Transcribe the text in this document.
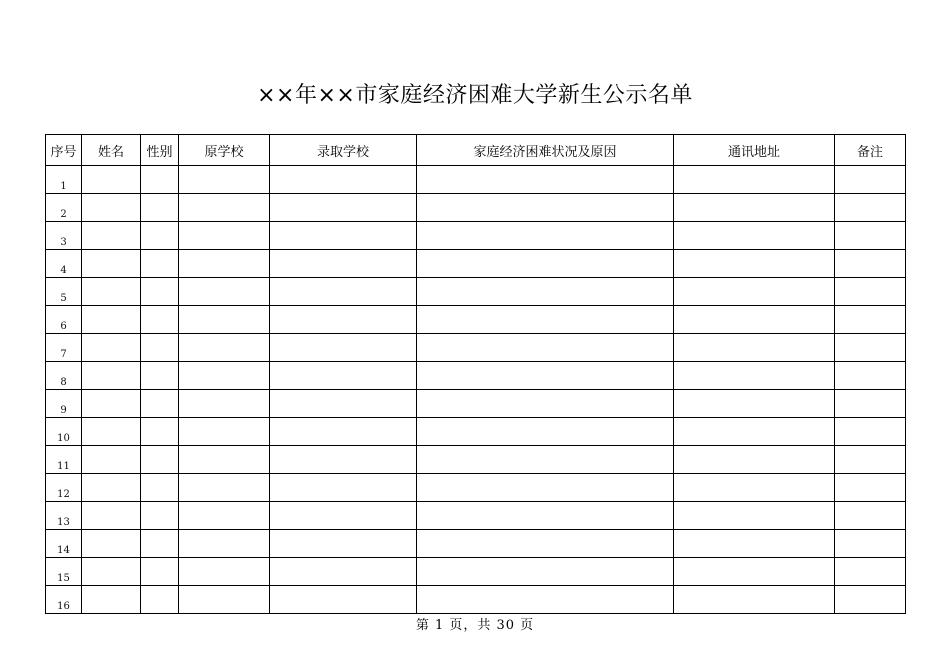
××年××市家庭经济困难大学新生公示名单
序号	姓名	性别	原学校	录取学校	家庭经济困难状况及原因	通讯地址	备注
1							
2							
3							
4							
5							
6							
7							
8							
9							
10							
11							
12							
13							
14							
15							
16							
第 1 页，共 30 页
